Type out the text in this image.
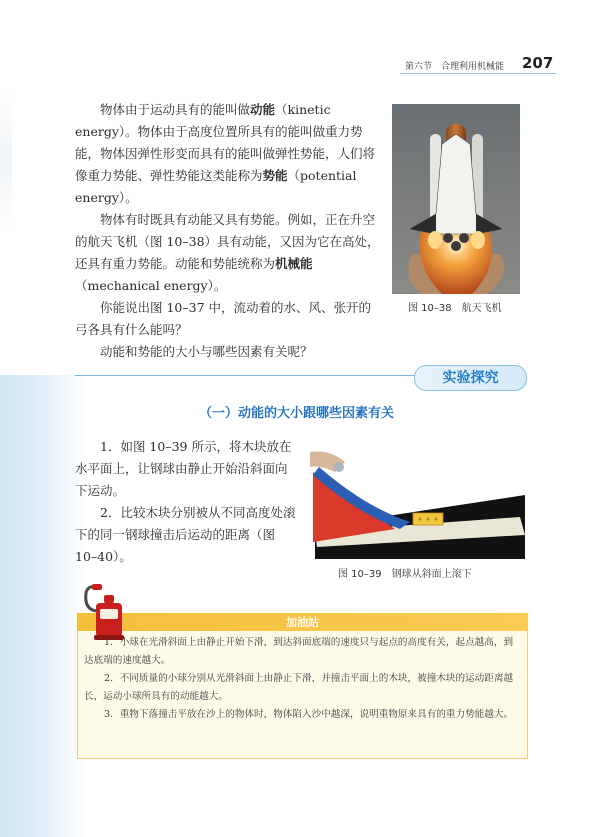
第六节　合理利用机械能 207

物体由于运动具有的能叫做动能（kinetic energy）。物体由于高度位置所具有的能叫做重力势能，物体因弹性形变而具有的能叫做弹性势能，人们将像重力势能、弹性势能这类能称为势能（potential energy）。

物体有时既具有动能又具有势能。例如，正在升空的航天飞机（图 10–38）具有动能，又因为它在高处，还具有重力势能。动能和势能统称为机械能（mechanical energy）。

你能说出图 10–37 中，流动着的水、风、张开的弓各具有什么能吗？

动能和势能的大小与哪些因素有关呢？

图 10–38　航天飞机
实验探究
（一）动能的大小跟哪些因素有关

1．如图 10–39 所示，将木块放在水平面上，让钢球由静止开始沿斜面向下运动。

2．比较木块分别被从不同高度处滚下的同一钢球撞击后运动的距离（图 10–40）。

图 10–39　钢球从斜面上滚下
加油站

1．小球在光滑斜面上由静止开始下滑，到达斜面底端的速度只与起点的高度有关，起点越高，到达底端的速度越大。

2．不同质量的小球分别从光滑斜面上由静止下滑，并撞击平面上的木块，被撞木块的运动距离越长，运动小球所具有的动能越大。

3．重物下落撞击平放在沙上的物体时，物体陷入沙中越深，说明重物原来具有的重力势能越大。
